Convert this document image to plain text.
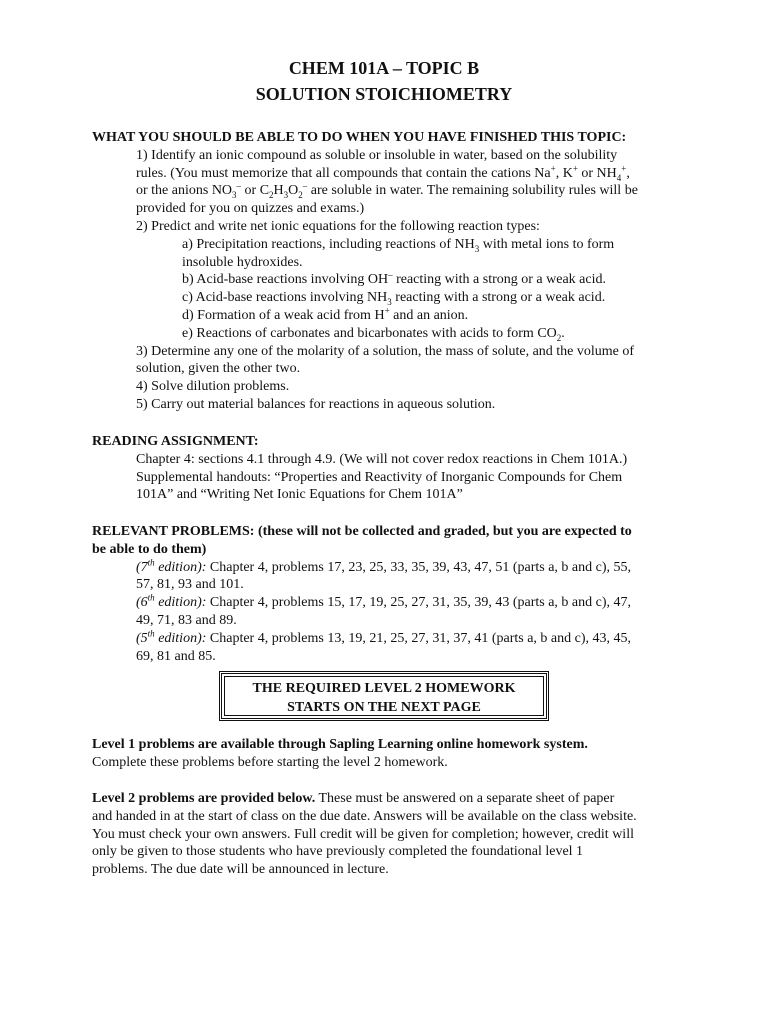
CHEM 101A – TOPIC B
SOLUTION STOICHIOMETRY
WHAT YOU SHOULD BE ABLE TO DO WHEN YOU HAVE FINISHED THIS TOPIC:
1) Identify an ionic compound as soluble or insoluble in water, based on the solubility
rules. (You must memorize that all compounds that contain the cations Na+, K+ or $NH_4^+$,
or the anions $NO_3^-$ or $C_2H_3O_2^-$ are soluble in water. The remaining solubility rules will be
provided for you on quizzes and exams.)
2) Predict and write net ionic equations for the following reaction types:
a) Precipitation reactions, including reactions of $NH_3$ with metal ions to form
insoluble hydroxides.
b) Acid-base reactions involving OH– reacting with a strong or a weak acid.
c) Acid-base reactions involving $NH_3$ reacting with a strong or a weak acid.
d) Formation of a weak acid from H+ and an anion.
e) Reactions of carbonates and bicarbonates with acids to form $CO_2$.
3) Determine any one of the molarity of a solution, the mass of solute, and the volume of
solution, given the other two.
4) Solve dilution problems.
5) Carry out material balances for reactions in aqueous solution.
READING ASSIGNMENT:
Chapter 4: sections 4.1 through 4.9. (We will not cover redox reactions in Chem 101A.)
Supplemental handouts: “Properties and Reactivity of Inorganic Compounds for Chem
101A” and “Writing Net Ionic Equations for Chem 101A”
RELEVANT PROBLEMS: (these will not be collected and graded, but you are expected to
be able to do them)
(7th edition): Chapter 4, problems 17, 23, 25, 33, 35, 39, 43, 47, 51 (parts a, b and c), 55,
57, 81, 93 and 101.
(6th edition): Chapter 4, problems 15, 17, 19, 25, 27, 31, 35, 39, 43 (parts a, b and c), 47,
49, 71, 83 and 89.
(5th edition): Chapter 4, problems 13, 19, 21, 25, 27, 31, 37, 41 (parts a, b and c), 43, 45,
69, 81 and 85.
THE REQUIRED LEVEL 2 HOMEWORK
STARTS ON THE NEXT PAGE
Level 1 problems are available through Sapling Learning online homework system.
Complete these problems before starting the level 2 homework.
Level 2 problems are provided below. These must be answered on a separate sheet of paper
and handed in at the start of class on the due date. Answers will be available on the class website.
You must check your own answers. Full credit will be given for completion; however, credit will
only be given to those students who have previously completed the foundational level 1
problems. The due date will be announced in lecture.
